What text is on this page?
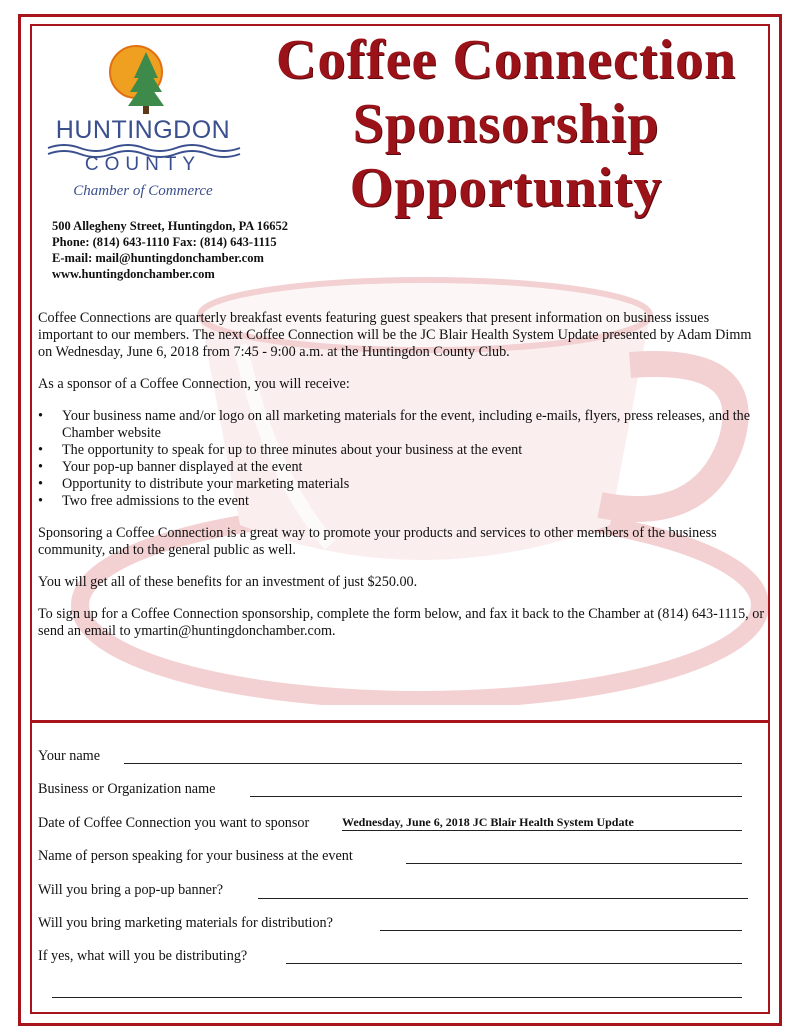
HUNTINGDON
COUNTY
Chamber of Commerce
Coffee Connection
Sponsorship
Opportunity
500 Allegheny Street, Huntingdon, PA 16652
Phone: (814) 643-1110 Fax: (814) 643-1115
E-mail: mail@huntingdonchamber.com
www.huntingdonchamber.com

Coffee Connections are quarterly breakfast events featuring guest speakers that present information on business issues important to our members. The next Coffee Connection will be the JC Blair Health System Update presented by Adam Dimm on Wednesday, June 6, 2018 from 7:45 - 9:00 a.m. at the Huntingdon County Club.

As a sponsor of a Coffee Connection, you will receive:

• Your business name and/or logo on all marketing materials for the event, including e-mails, flyers, press releases, and the Chamber website
• The opportunity to speak for up to three minutes about your business at the event
• Your pop-up banner displayed at the event
• Opportunity to distribute your marketing materials
• Two free admissions to the event

Sponsoring a Coffee Connection is a great way to promote your products and services to other members of the business community, and to the general public as well.

You will get all of these benefits for an investment of just $250.00.

To sign up for a Coffee Connection sponsorship, complete the form below, and fax it back to the Chamber at (814) 643-1115, or send an email to ymartin@huntingdonchamber.com.

Your name
Business or Organization name
Date of Coffee Connection you want to sponsor	Wednesday, June 6, 2018 JC Blair Health System Update
Name of person speaking for your business at the event
Will you bring a pop-up banner?
Will you bring marketing materials for distribution?
If yes, what will you be distributing?
